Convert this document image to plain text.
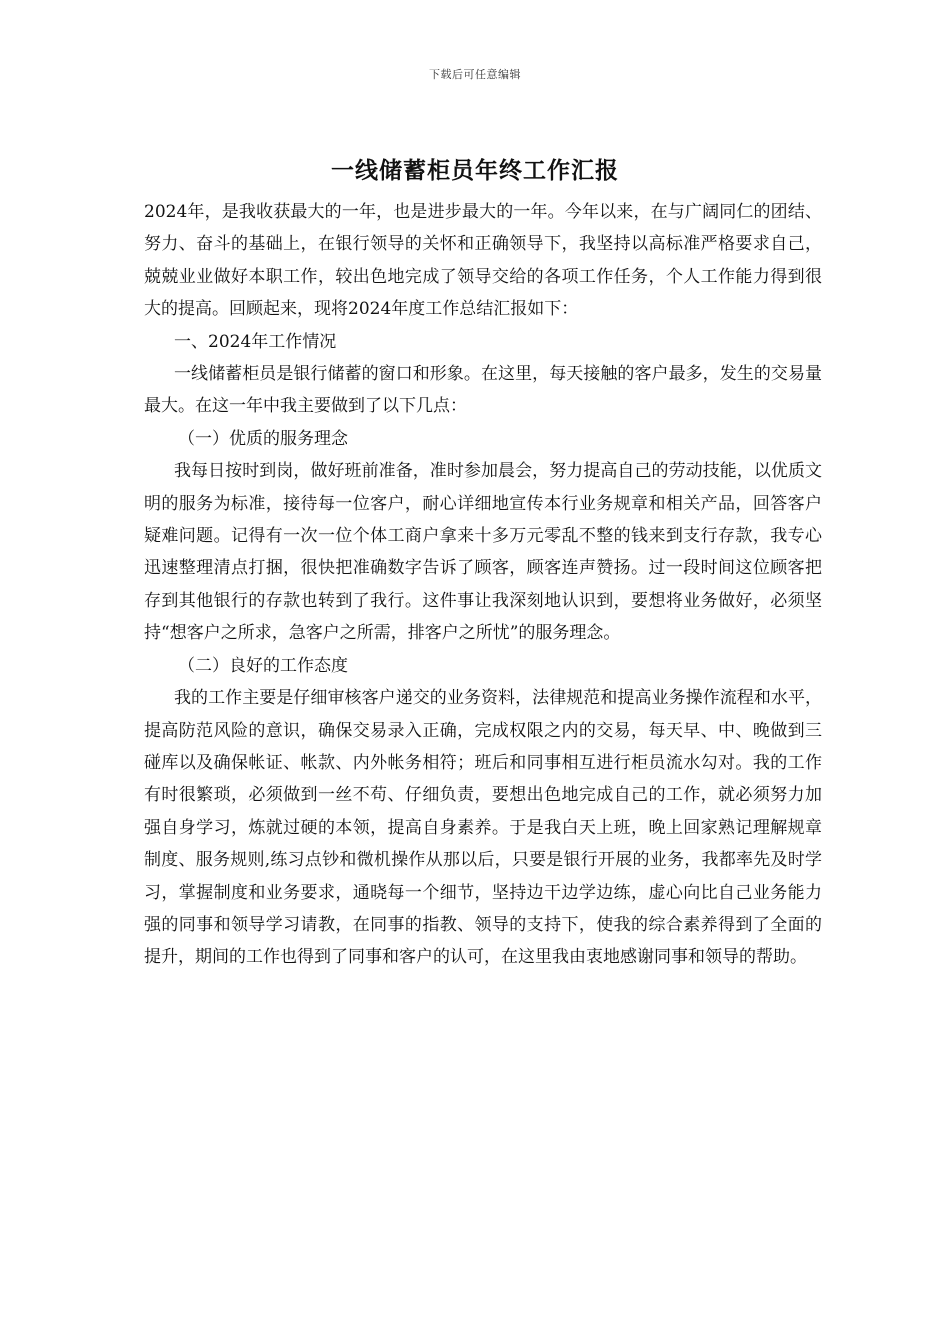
下载后可任意编辑
一线储蓄柜员年终工作汇报

2024年，是我收获最大的一年，也是进步最大的一年。今年以来，在与广阔同仁的团结、努力、奋斗的基础上，在银行领导的关怀和正确领导下，我坚持以高标准严格要求自己，兢兢业业做好本职工作，较出色地完成了领导交给的各项工作任务，个人工作能力得到很大的提高。回顾起来，现将2024年度工作总结汇报如下：

一、2024年工作情况

一线储蓄柜员是银行储蓄的窗口和形象。在这里，每天接触的客户最多，发生的交易量最大。在这一年中我主要做到了以下几点：

（一）优质的服务理念

我每日按时到岗，做好班前准备，准时参加晨会，努力提高自己的劳动技能，以优质文明的服务为标准，接待每一位客户，耐心详细地宣传本行业务规章和相关产品，回答客户疑难问题。记得有一次一位个体工商户拿来十多万元零乱不整的钱来到支行存款，我专心迅速整理清点打捆，很快把准确数字告诉了顾客，顾客连声赞扬。过一段时间这位顾客把存到其他银行的存款也转到了我行。这件事让我深刻地认识到，要想将业务做好，必须坚持“想客户之所求，急客户之所需，排客户之所忧”的服务理念。

（二）良好的工作态度

我的工作主要是仔细审核客户递交的业务资料，法律规范和提高业务操作流程和水平，提高防范风险的意识，确保交易录入正确，完成权限之内的交易，每天早、中、晚做到三碰库以及确保帐证、帐款、内外帐务相符；班后和同事相互进行柜员流水勾对。我的工作有时很繁琐，必须做到一丝不苟、仔细负责，要想出色地完成自己的工作，就必须努力加强自身学习，炼就过硬的本领，提高自身素养。于是我白天上班，晚上回家熟记理解规章制度、服务规则,练习点钞和微机操作从那以后，只要是银行开展的业务，我都率先及时学习，掌握制度和业务要求，通晓每一个细节，坚持边干边学边练，虚心向比自己业务能力强的同事和领导学习请教，在同事的指教、领导的支持下，使我的综合素养得到了全面的提升，期间的工作也得到了同事和客户的认可，在这里我由衷地感谢同事和领导的帮助。
